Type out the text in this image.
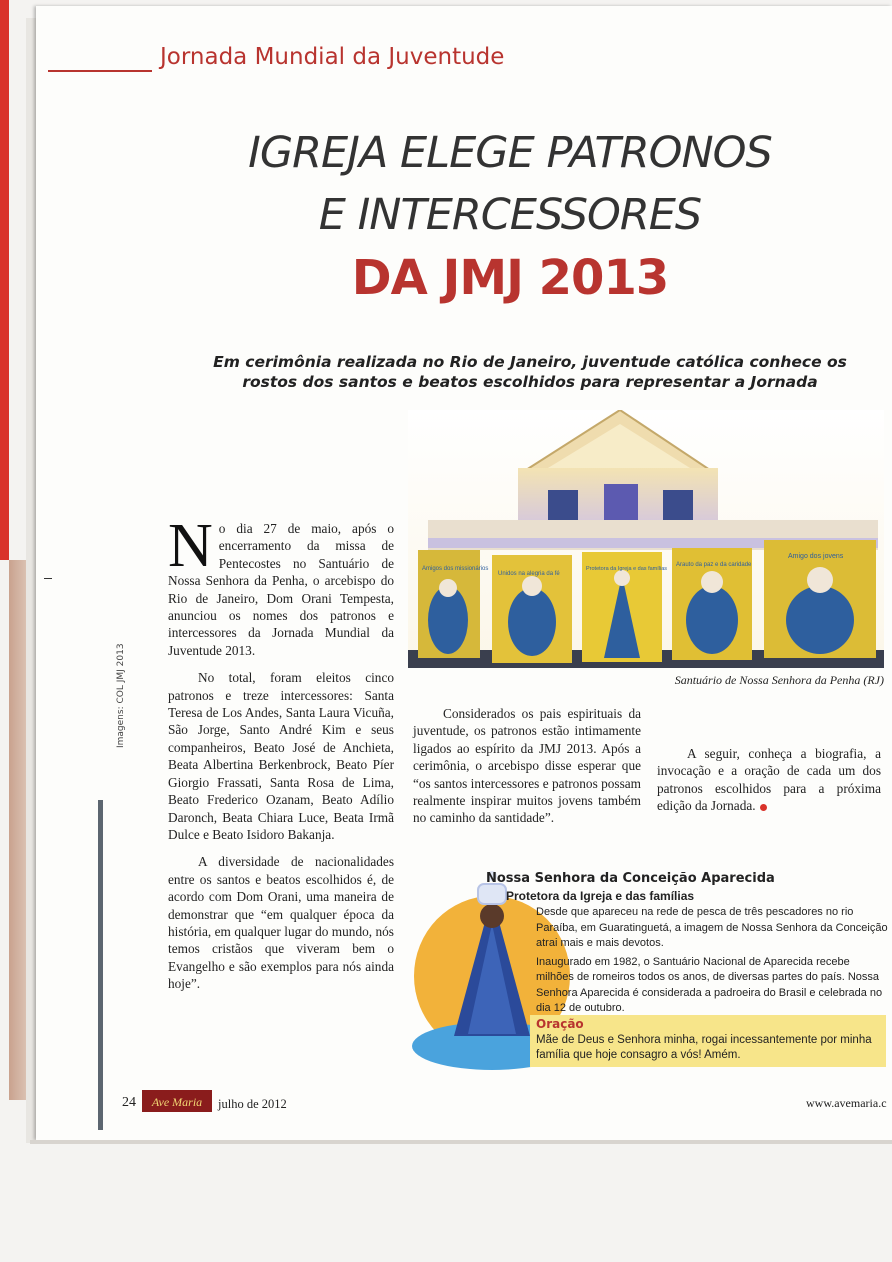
Jornada Mundial da Juventude
IGREJA ELEGE PATRONOS
E INTERCESSORES
DA JMJ 2013
Em cerimônia realizada no Rio de Janeiro, juventude católica conhece os rostos dos santos e beatos escolhidos para representar a Jornada
Amigos dos missionários
Unidos na alegria da fé
Protetora da Igreja e das famílias
Arauto da paz e da caridade
Amigo dos jovens
Santuário de Nossa Senhora da Penha (RJ)
Imagens: COL JMJ 2013

No dia 27 de maio, após o encerramento da missa de Pentecostes no Santuário de Nossa Senhora da Penha, o arcebispo do Rio de Janeiro, Dom Orani Tempesta, anunciou os nomes dos patronos e intercessores da Jornada Mundial da Juventude 2013.

No total, foram eleitos cinco patronos e treze intercessores: Santa Teresa de Los Andes, Santa Laura Vicuña, São Jorge, Santo André Kim e seus companheiros, Beato José de Anchieta, Beata Albertina Berkenbrock, Beato Píer Giorgio Frassati, Santa Rosa de Lima, Beato Frederico Ozanam, Beato Adílio Daronch, Beata Chiara Luce, Beata Irmã Dulce e Beato Isidoro Bakanja.

A diversidade de nacionalidades entre os santos e beatos escolhidos é, de acordo com Dom Orani, uma maneira de demonstrar que “em qualquer época da história, em qualquer lugar do mundo, nós temos cristãos que viveram bem o Evangelho e são exemplos para nós ainda hoje”.

Considerados os pais espirituais da juventude, os patronos estão intimamente ligados ao espírito da JMJ 2013. Após a cerimônia, o arcebispo disse esperar que “os santos intercessores e patronos possam realmente inspirar muitos jovens também no caminho da santidade”.

A seguir, conheça a biografia, a invocação e a oração de cada um dos patronos escolhidos para a próxima edição da Jornada.

Nossa Senhora da Conceição Aparecida
Protetora da Igreja e das famílias

Desde que apareceu na rede de pesca de três pescadores no rio Paraíba, em Guaratinguetá, a imagem de Nossa Senhora da Conceição atrai mais e mais devotos.

Inaugurado em 1982, o Santuário Nacional de Aparecida recebe milhões de romeiros todos os anos, de diversas partes do país. Nossa Senhora Aparecida é considerada a padroeira do Brasil e celebrada no dia 12 de outubro.

Oração
Mãe de Deus e Senhora minha, rogai incessantemente por minha família que hoje consagro a vós! Amém.
24	Ave Maria	julho de 2012	www.avemaria.c
